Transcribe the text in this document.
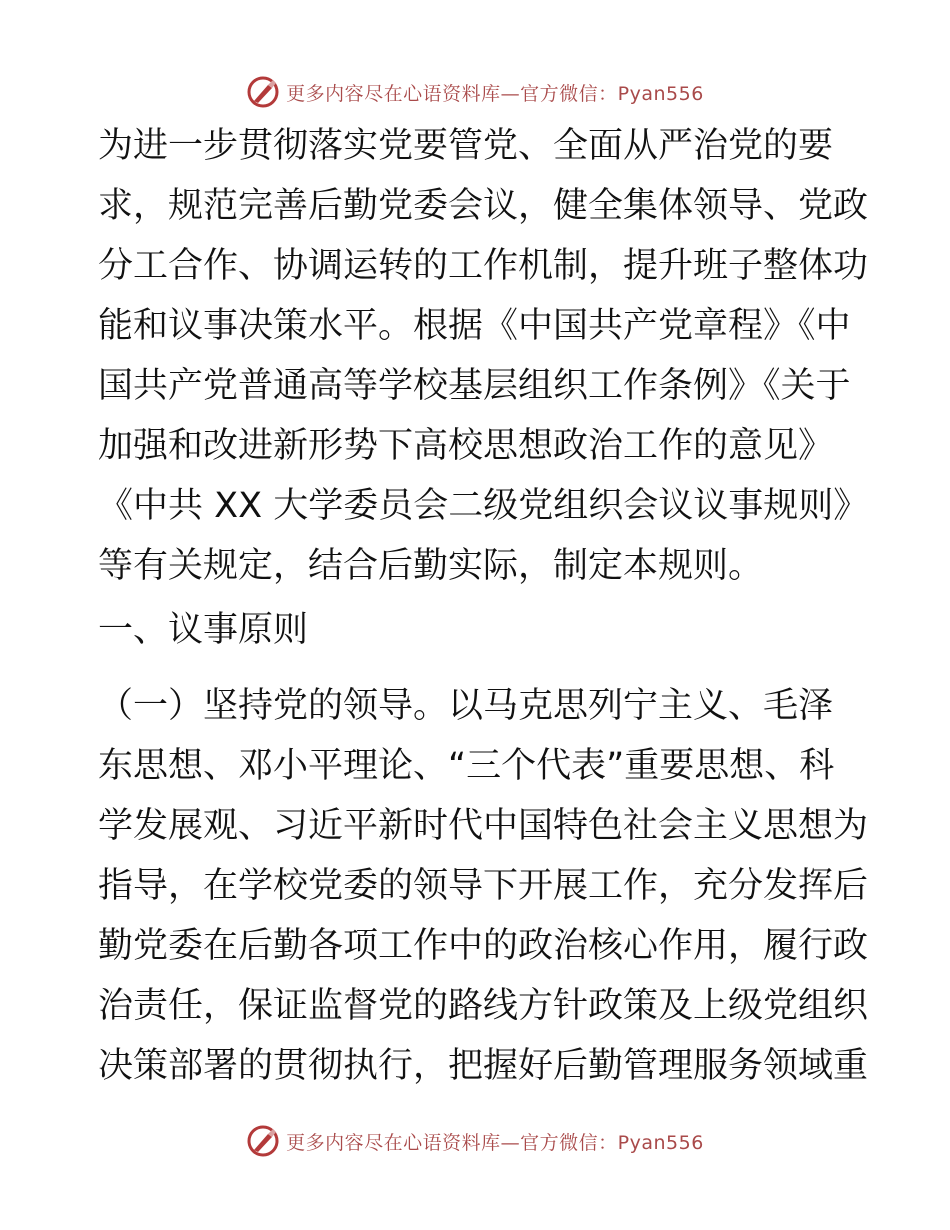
更多内容尽在心语资料库—官方微信：Pyan556
为进一步贯彻落实党要管党、全面从严治党的要
求，规范完善后勤党委会议，健全集体领导、党政
分工合作、协调运转的工作机制，提升班子整体功
能和议事决策水平。根据《中国共产党章程》《中
国共产党普通高等学校基层组织工作条例》《关于
加强和改进新形势下高校思想政治工作的意见》
《中共 XX 大学委员会二级党组织会议议事规则》
等有关规定，结合后勤实际，制定本规则。
一、议事原则
（一）坚持党的领导。以马克思列宁主义、毛泽
东思想、邓小平理论、“三个代表”重要思想、科
学发展观、习近平新时代中国特色社会主义思想为
指导，在学校党委的领导下开展工作，充分发挥后
勤党委在后勤各项工作中的政治核心作用，履行政
治责任，保证监督党的路线方针政策及上级党组织
决策部署的贯彻执行，把握好后勤管理服务领域重
更多内容尽在心语资料库—官方微信：Pyan556
